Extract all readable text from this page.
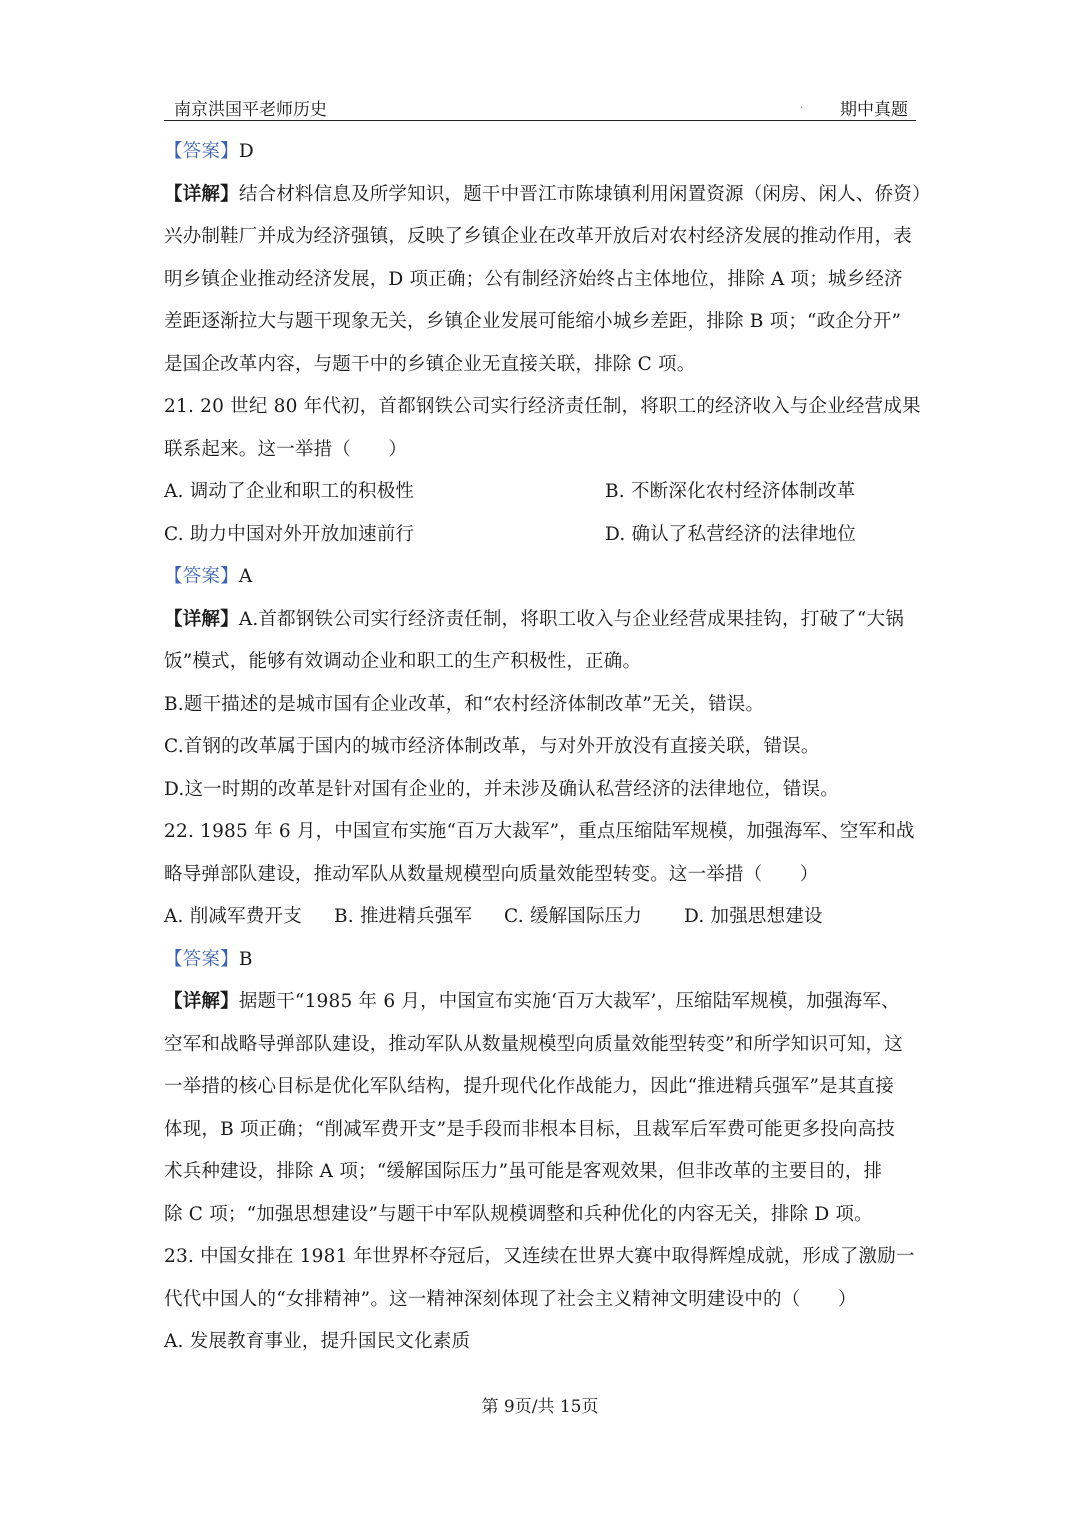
南京洪国平老师历史	. 期中真题
【答案】D
【详解】结合材料信息及所学知识，题干中晋江市陈埭镇利用闲置资源（闲房、闲人、侨资）
兴办制鞋厂并成为经济强镇，反映了乡镇企业在改革开放后对农村经济发展的推动作用，表
明乡镇企业推动经济发展，D 项正确；公有制经济始终占主体地位，排除 A 项；城乡经济
差距逐渐拉大与题干现象无关，乡镇企业发展可能缩小城乡差距，排除 B 项；“政企分开”
是国企改革内容，与题干中的乡镇企业无直接关联，排除 C 项。
21. 20 世纪 80 年代初，首都钢铁公司实行经济责任制，将职工的经济收入与企业经营成果
联系起来。这一举措（　　）
A. 调动了企业和职工的积极性	B. 不断深化农村经济体制改革
C. 助力中国对外开放加速前行	D. 确认了私营经济的法律地位
【答案】A
【详解】A.首都钢铁公司实行经济责任制，将职工收入与企业经营成果挂钩，打破了“大锅
饭”模式，能够有效调动企业和职工的生产积极性，正确。
B.题干描述的是城市国有企业改革，和“农村经济体制改革”无关，错误。
C.首钢的改革属于国内的城市经济体制改革，与对外开放没有直接关联，错误。
D.这一时期的改革是针对国有企业的，并未涉及确认私营经济的法律地位，错误。
22. 1985 年 6 月，中国宣布实施“百万大裁军”，重点压缩陆军规模，加强海军、空军和战
略导弹部队建设，推动军队从数量规模型向质量效能型转变。这一举措（　　）
A. 削减军费开支 B. 推进精兵强军 C. 缓解国际压力 D. 加强思想建设
【答案】B
【详解】据题干“1985 年 6 月，中国宣布实施‘百万大裁军’，压缩陆军规模，加强海军、
空军和战略导弹部队建设，推动军队从数量规模型向质量效能型转变”和所学知识可知，这
一举措的核心目标是优化军队结构，提升现代化作战能力，因此“推进精兵强军”是其直接
体现，B 项正确；“削减军费开支”是手段而非根本目标，且裁军后军费可能更多投向高技
术兵种建设，排除 A 项；“缓解国际压力”虽可能是客观效果，但非改革的主要目的，排
除 C 项；“加强思想建设”与题干中军队规模调整和兵种优化的内容无关，排除 D 项。
23. 中国女排在 1981 年世界杯夺冠后，又连续在世界大赛中取得辉煌成就，形成了激励一
代代中国人的“女排精神”。这一精神深刻体现了社会主义精神文明建设中的（　　）
A. 发展教育事业，提升国民文化素质
第 9页/共 15页
